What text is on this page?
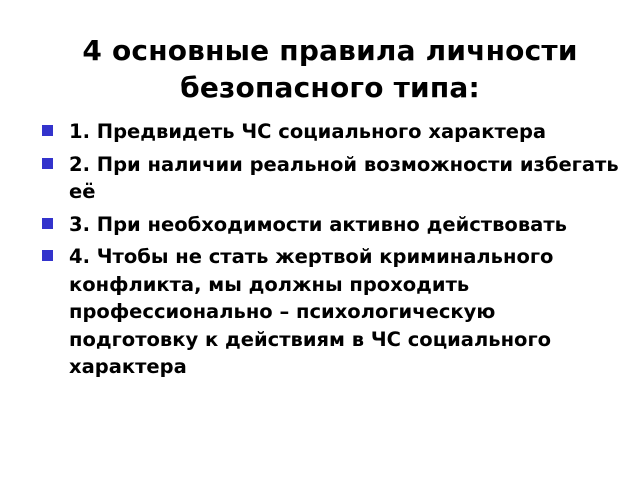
4 основные правила личности
безопасного типа:
1. Предвидеть ЧС социального характера
2. При наличии реальной возможности избегать её
3. При необходимости активно действовать
4. Чтобы не стать жертвой криминального конфликта, мы должны проходить профессионально – психологическую подготовку к действиям в ЧС социального характера
